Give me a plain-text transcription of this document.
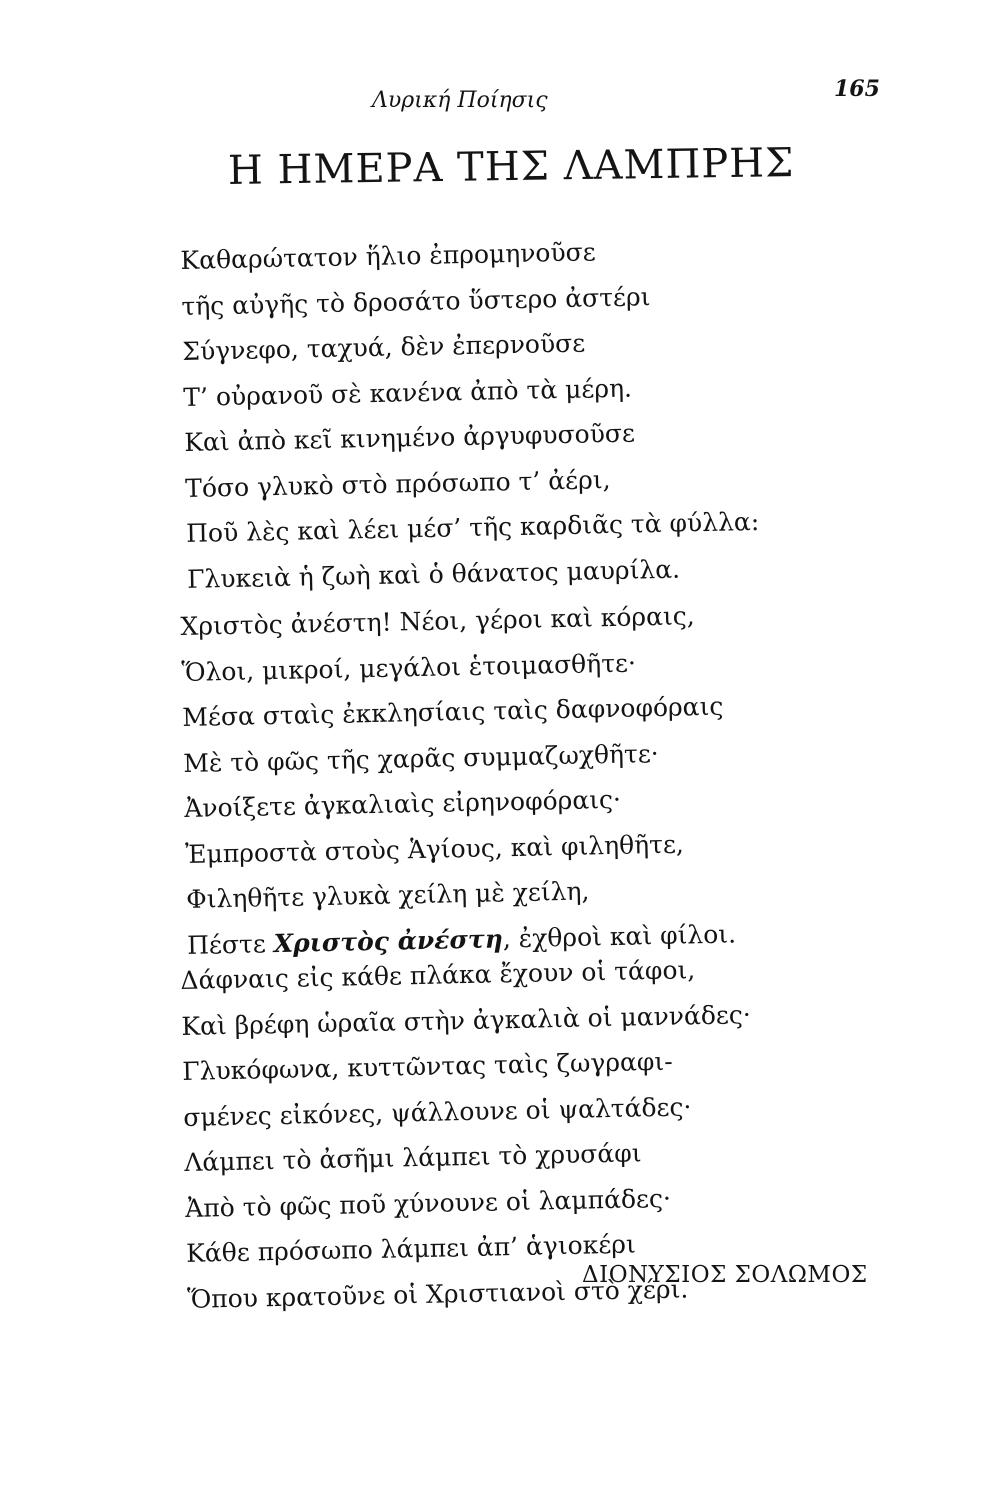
Λυρική Ποίησις	165
Η ΗΜΕΡΑ ΤΗΣ ΛΑΜΠΡΗΣ
Καθαρώτατον ἥλιο ἐπρομηνοῦσε
τῆς αὐγῆς τὸ δροσάτο ὕστερο ἀστέρι
Σύγνεφο, ταχυά, δὲν ἐπερνοῦσε
Τ’ οὐρανοῦ σὲ κανένα ἀπὸ τὰ μέρη.
Καὶ ἀπὸ κεῖ κινημένο ἀργυφυσοῦσε
Τόσο γλυκὸ στὸ πρόσωπο τ’ ἀέρι,
Ποῦ λὲς καὶ λέει μέσ’ τῆς καρδιᾶς τὰ φύλλα:
Γλυκειὰ ἡ ζωὴ καὶ ὁ θάνατος μαυρίλα.
Χριστὸς ἀνέστη! Νέοι, γέροι καὶ κόραις,
Ὅλοι, μικροί, μεγάλοι ἑτοιμασθῆτε·
Μέσα σταὶς ἐκκλησίαις ταὶς δαφνοφόραις
Μὲ τὸ φῶς τῆς χαρᾶς συμμαζωχθῆτε·
Ἀνοίξετε ἀγκαλιαὶς εἰρηνοφόραις·
Ἐμπροστὰ στοὺς Ἁγίους, καὶ φιληθῆτε,
Φιληθῆτε γλυκὰ χείλη μὲ χείλη,
Πέστε Χριστὸς ἀνέστη, ἐχθροὶ καὶ φίλοι.
Δάφναις εἰς κάθε πλάκα ἔχουν οἱ τάφοι,
Καὶ βρέφη ὡραῖα στὴν ἀγκαλιὰ οἱ μαννάδες·
Γλυκόφωνα, κυττῶντας ταὶς ζωγραφι-
σμένες εἰκόνες, ψάλλουνε οἱ ψαλτάδες·
Λάμπει τὸ ἀσῆμι λάμπει τὸ χρυσάφι
Ἀπὸ τὸ φῶς ποῦ χύνουνε οἱ λαμπάδες·
Κάθε πρόσωπο λάμπει ἀπ’ ἁγιοκέρι
Ὅπου κρατοῦνε οἱ Χριστιανοὶ στὸ χέρι.
ΔΙΟΝΥΣΙΟΣ ΣΟΛΩΜΟΣ
